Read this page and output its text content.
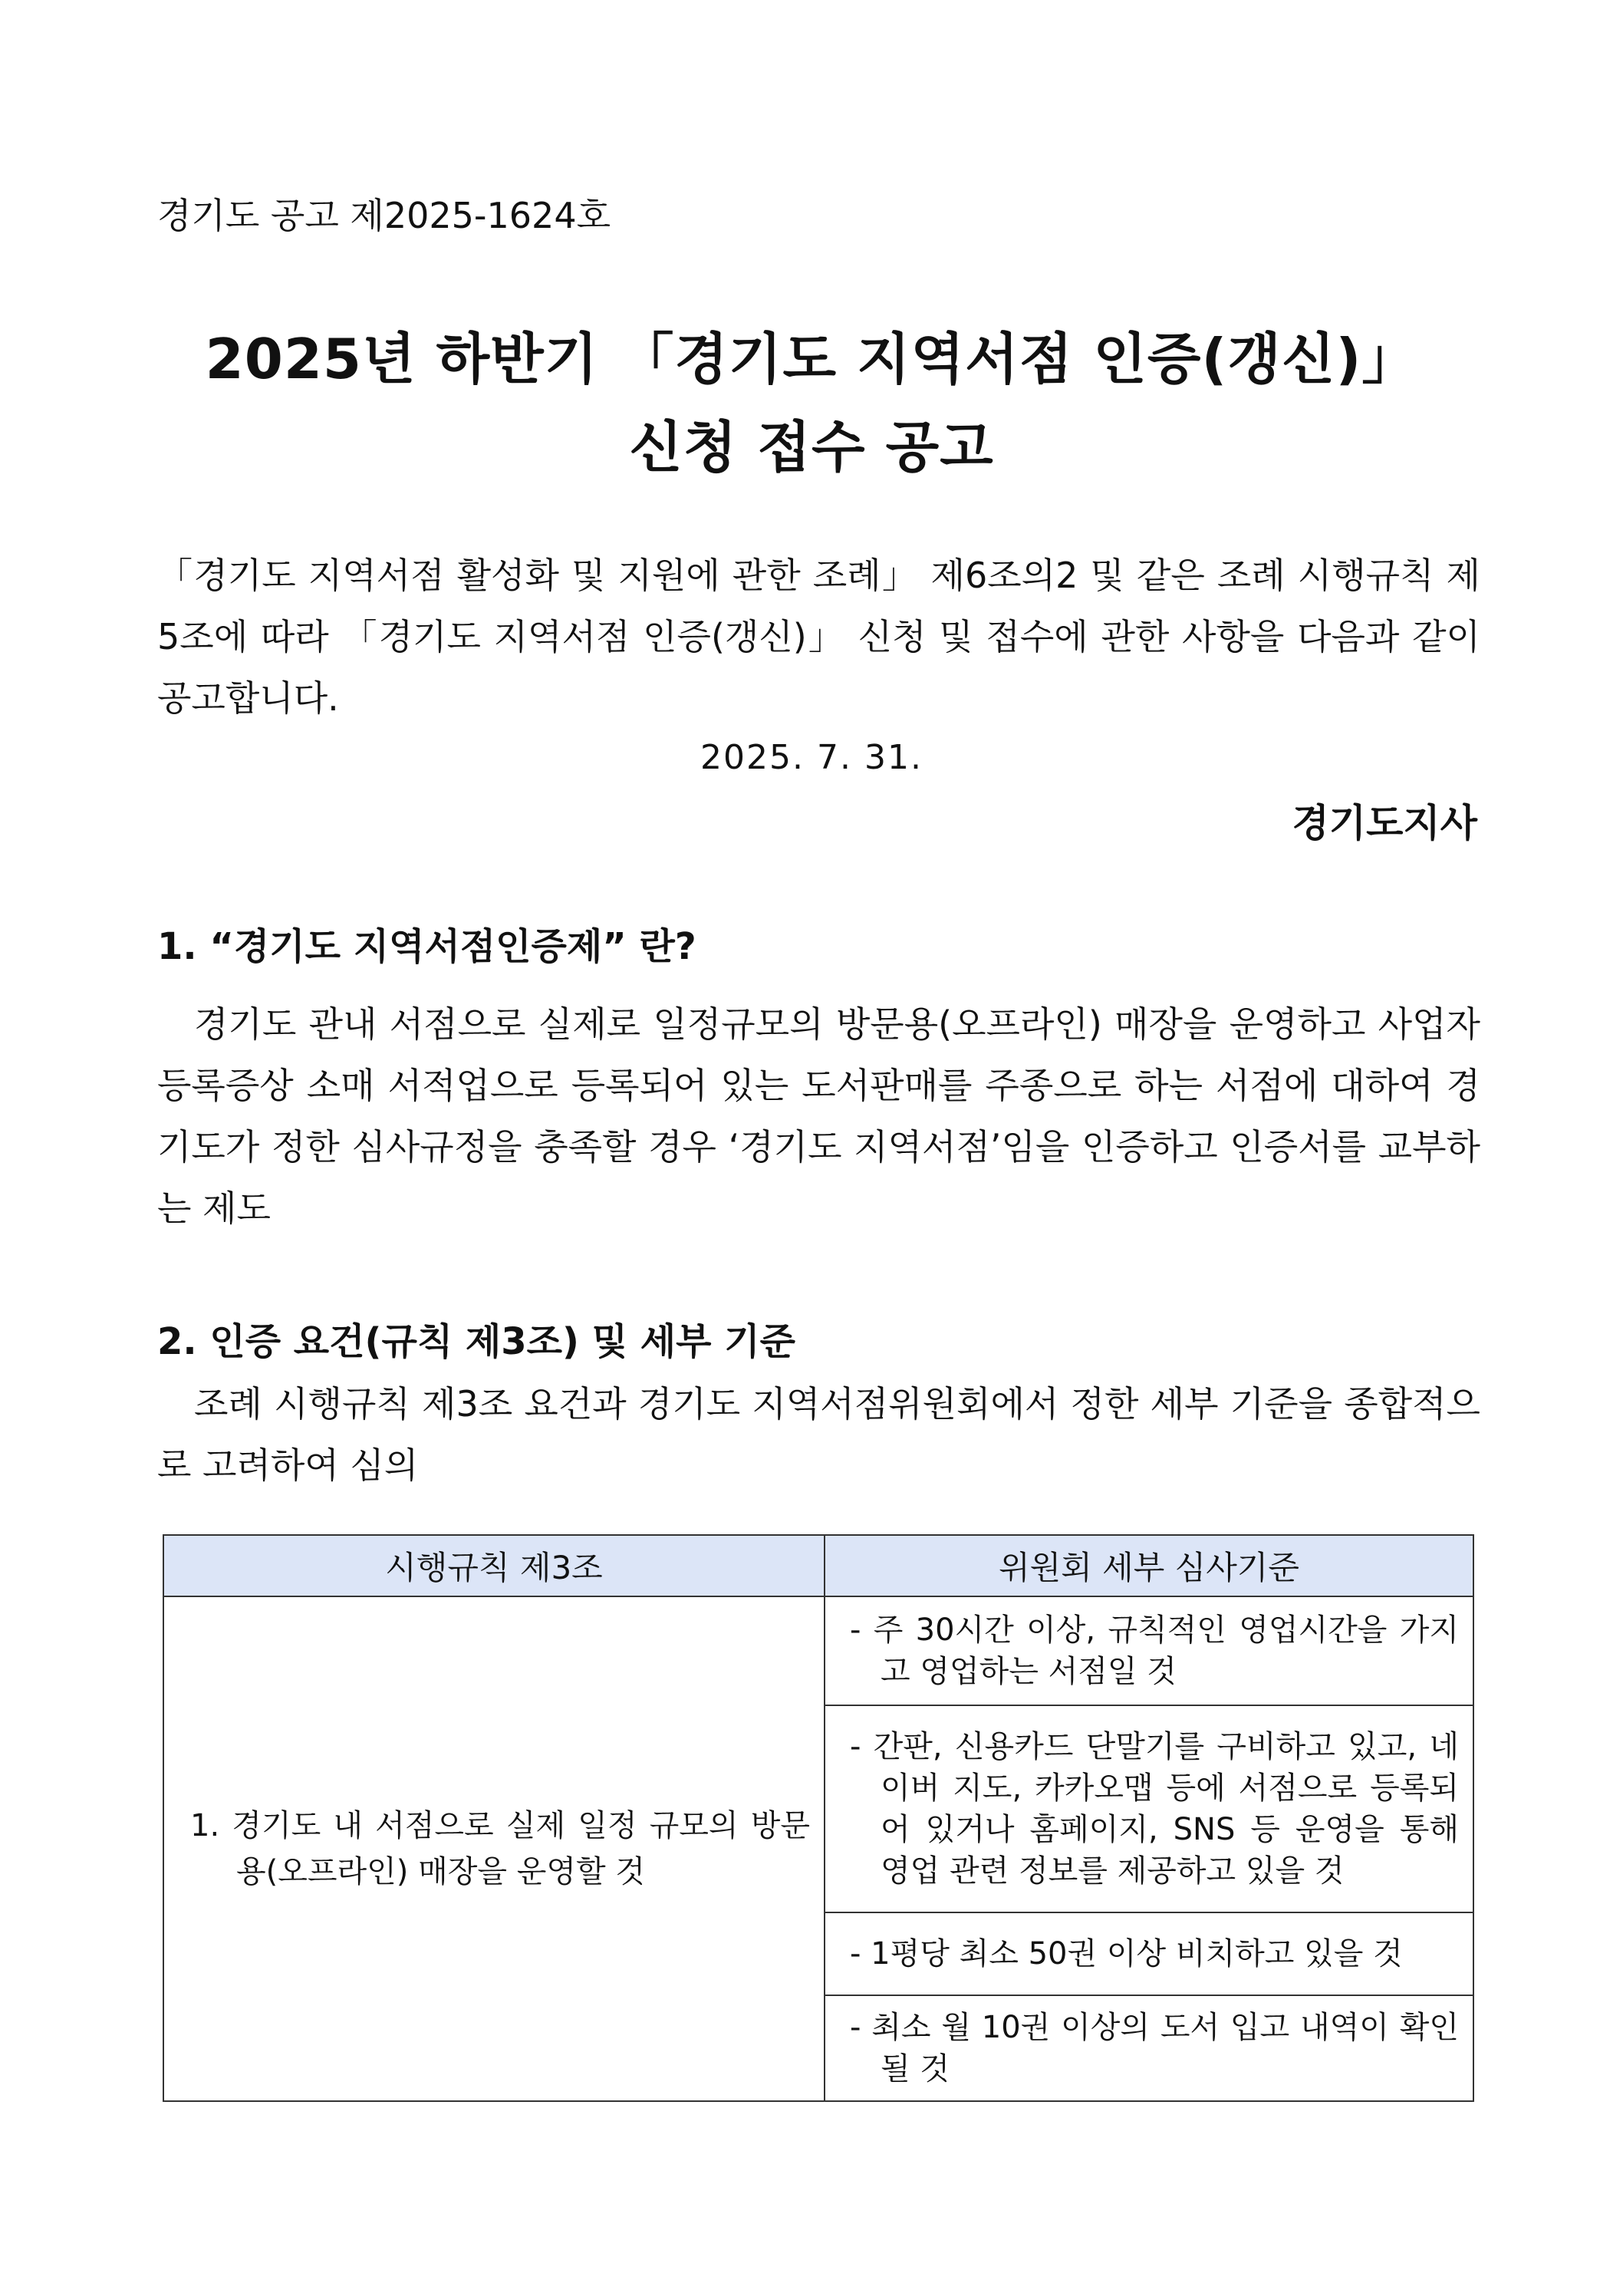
경기도 공고 제2025-1624호
2025년 하반기 「경기도 지역서점 인증(갱신)」
신청 접수 공고
「경기도 지역서점 활성화 및 지원에 관한 조례」 제6조의2 및 같은 조례 시행규칙 제5조에 따라 「경기도 지역서점 인증(갱신)」 신청 및 접수에 관한 사항을 다음과 같이 공고합니다.
2025. 7. 31.
경기도지사
1. “경기도 지역서점인증제” 란?
경기도 관내 서점으로 실제로 일정규모의 방문용(오프라인) 매장을 운영하고 사업자등록증상 소매 서적업으로 등록되어 있는 도서판매를 주종으로 하는 서점에 대하여 경기도가 정한 심사규정을 충족할 경우 ‘경기도 지역서점’임을 인증하고 인증서를 교부하는 제도
2. 인증 요건(규칙 제3조) 및 세부 기준
조례 시행규칙 제3조 요건과 경기도 지역서점위원회에서 정한 세부 기준을 종합적으로 고려하여 심의
시행규칙 제3조	위원회 세부 심사기준

1. 경기도 내 서점으로 실제 일정 규모의 방문용(오프라인) 매장을 운영할 것	- 주 30시간 이상, 규칙적인 영업시간을 가지고 영업하는 서점일 것

	- 간판, 신용카드 단말기를 구비하고 있고, 네이버 지도, 카카오맵 등에 서점으로 등록되어 있거나 홈페이지, SNS 등 운영을 통해 영업 관련 정보를 제공하고 있을 것

	- 1평당 최소 50권 이상 비치하고 있을 것

	- 최소 월 10권 이상의 도서 입고 내역이 확인될 것
